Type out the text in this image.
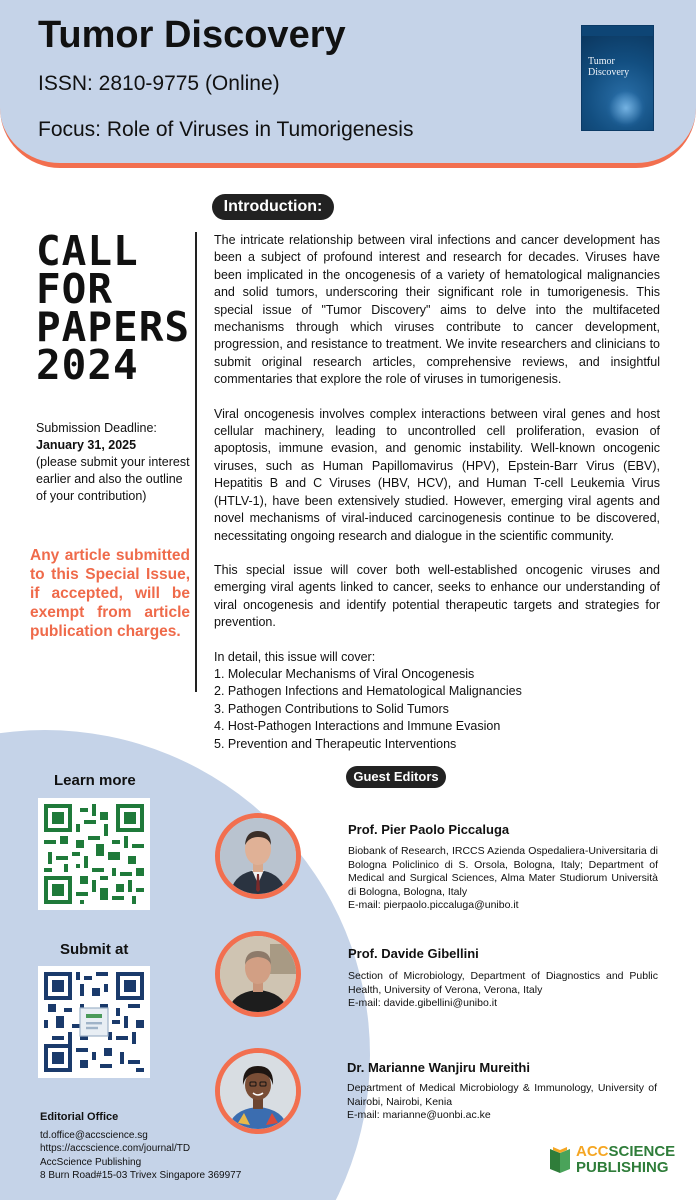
Tumor Discovery
ISSN: 2810-9775 (Online)
Focus: Role of Viruses in Tumorigenesis
Tumor
Discovery
Introduction:
CALL
FOR
PAPERS
2024
Submission Deadline:
January 31, 2025
(please submit your interest earlier and also the outline of your contribution)
Any article submitted to this Special Issue, if accepted, will be exempt from article publication charges.

The intricate relationship between viral infections and cancer development has been a subject of profound interest and research for decades. Viruses have been implicated in the oncogenesis of a variety of hematological malignancies and solid tumors, underscoring their significant role in tumorigenesis. This special issue of "Tumor Discovery" aims to delve into the multifaceted mechanisms through which viruses contribute to cancer development, progression, and resistance to treatment. We invite researchers and clinicians to submit original research articles, comprehensive reviews, and insightful commentaries that explore the role of viruses in tumorigenesis.

Viral oncogenesis involves complex interactions between viral genes and host cellular machinery, leading to uncontrolled cell proliferation, evasion of apoptosis, immune evasion, and genomic instability. Well-known oncogenic viruses, such as Human Papillomavirus (HPV), Epstein-Barr Virus (EBV), Hepatitis B and C Viruses (HBV, HCV), and Human T-cell Leukemia Virus (HTLV-1), have been extensively studied. However, emerging viral agents and novel mechanisms of viral-induced carcinogenesis continue to be discovered, necessitating ongoing research and dialogue in the scientific community.

This special issue will cover both well-established oncogenic viruses and emerging viral agents linked to cancer, seeks to enhance our understanding of viral oncogenesis and identify potential therapeutic targets and strategies for prevention.

In detail, this issue will cover:

1. Molecular Mechanisms of Viral Oncogenesis
2. Pathogen Infections and Hematological Malignancies
3. Pathogen Contributions to Solid Tumors
4. Host-Pathogen Interactions and Immune Evasion
5. Prevention and Therapeutic Interventions
Learn more
Submit at
Editorial Office
td.office@accscience.sg
https://accscience.com/journal/TD
AccScience Publishing
8 Burn Road#15-03 Trivex Singapore 369977
Guest Editors
Prof. Pier Paolo Piccaluga
Biobank of Research, IRCCS Azienda Ospedaliera-Universitaria di Bologna Policlinico di S. Orsola, Bologna, Italy; Department of Medical and Surgical Sciences, Alma Mater Studiorum Università di Bologna, Bologna, Italy
E-mail: pierpaolo.piccaluga@unibo.it
Prof. Davide Gibellini
Section of Microbiology, Department of Diagnostics and Public Health, University of Verona, Verona, Italy
E-mail: davide.gibellini@unibo.it
Dr. Marianne Wanjiru Mureithi
Department of Medical Microbiology & Immunology, University of Nairobi, Nairobi, Kenia
E-mail: marianne@uonbi.ac.ke
ACCSCIENCE
PUBLISHING
